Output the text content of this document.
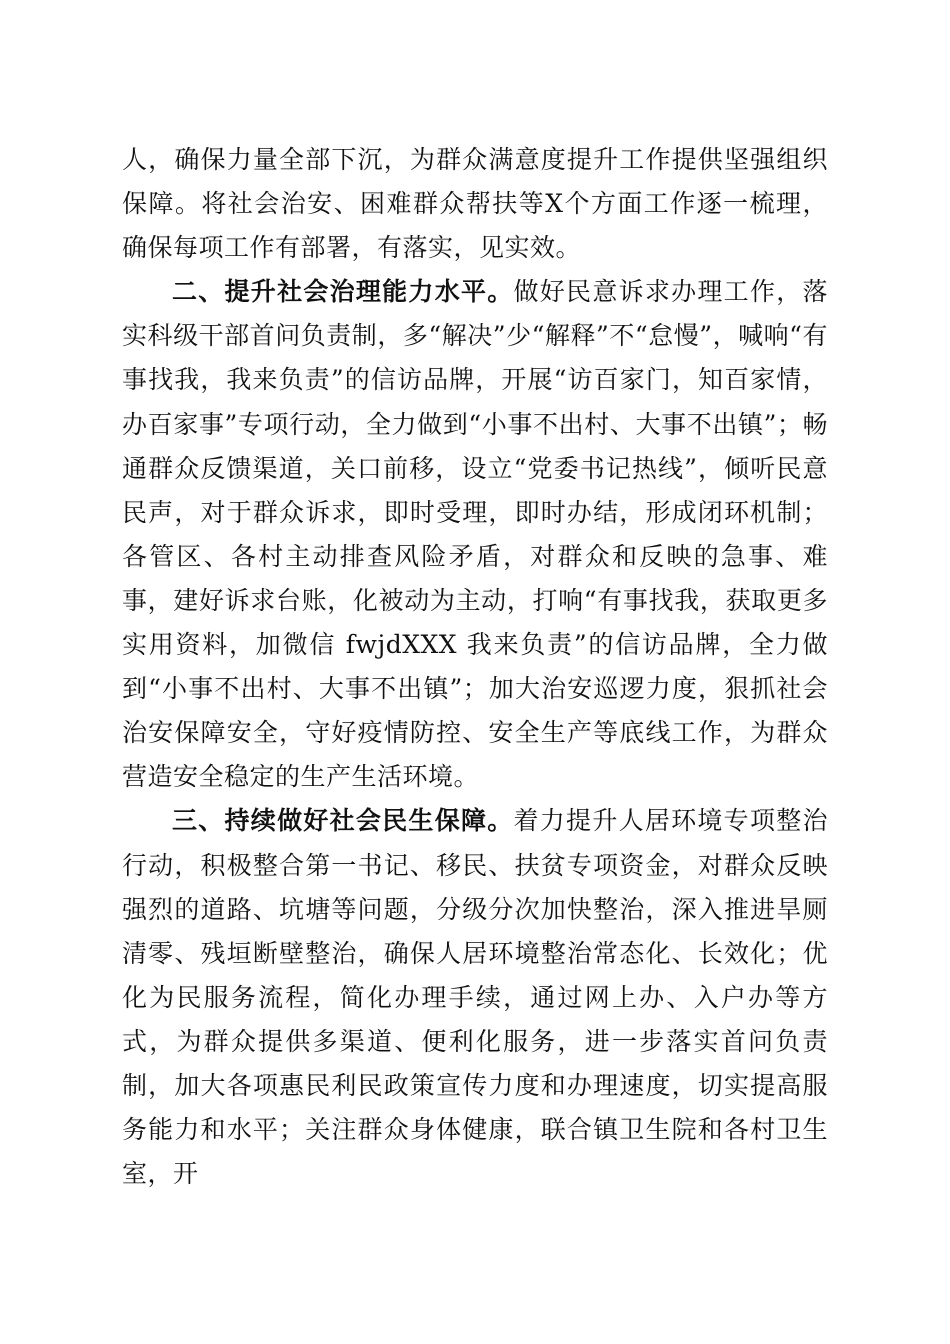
人，确保力量全部下沉，为群众满意度提升工作提供坚强组织保障。将社会治安、困难群众帮扶等X个方面工作逐一梳理，确保每项工作有部署，有落实，见实效。

二、提升社会治理能力水平。做好民意诉求办理工作，落实科级干部首问负责制，多“解决”少“解释”不“怠慢”，喊响“有事找我，我来负责”的信访品牌，开展“访百家门，知百家情，办百家事”专项行动，全力做到“小事不出村、大事不出镇”；畅通群众反馈渠道，关口前移，设立“党委书记热线”，倾听民意民声，对于群众诉求，即时受理，即时办结，形成闭环机制；各管区、各村主动排查风险矛盾，对群众和反映的急事、难事，建好诉求台账，化被动为主动，打响“有事找我，获取更多实用资料，加微信 fwjdXXX 我来负责”的信访品牌，全力做到“小事不出村、大事不出镇”；加大治安巡逻力度，狠抓社会治安保障安全，守好疫情防控、安全生产等底线工作，为群众营造安全稳定的生产生活环境。

三、持续做好社会民生保障。着力提升人居环境专项整治行动，积极整合第一书记、移民、扶贫专项资金，对群众反映强烈的道路、坑塘等问题，分级分次加快整治，深入推进旱厕清零、残垣断壁整治，确保人居环境整治常态化、长效化；优化为民服务流程，简化办理手续，通过网上办、入户办等方式，为群众提供多渠道、便利化服务，进一步落实首问负责制，加大各项惠民利民政策宣传力度和办理速度，切实提高服务能力和水平；关注群众身体健康，联合镇卫生院和各村卫生室，开
